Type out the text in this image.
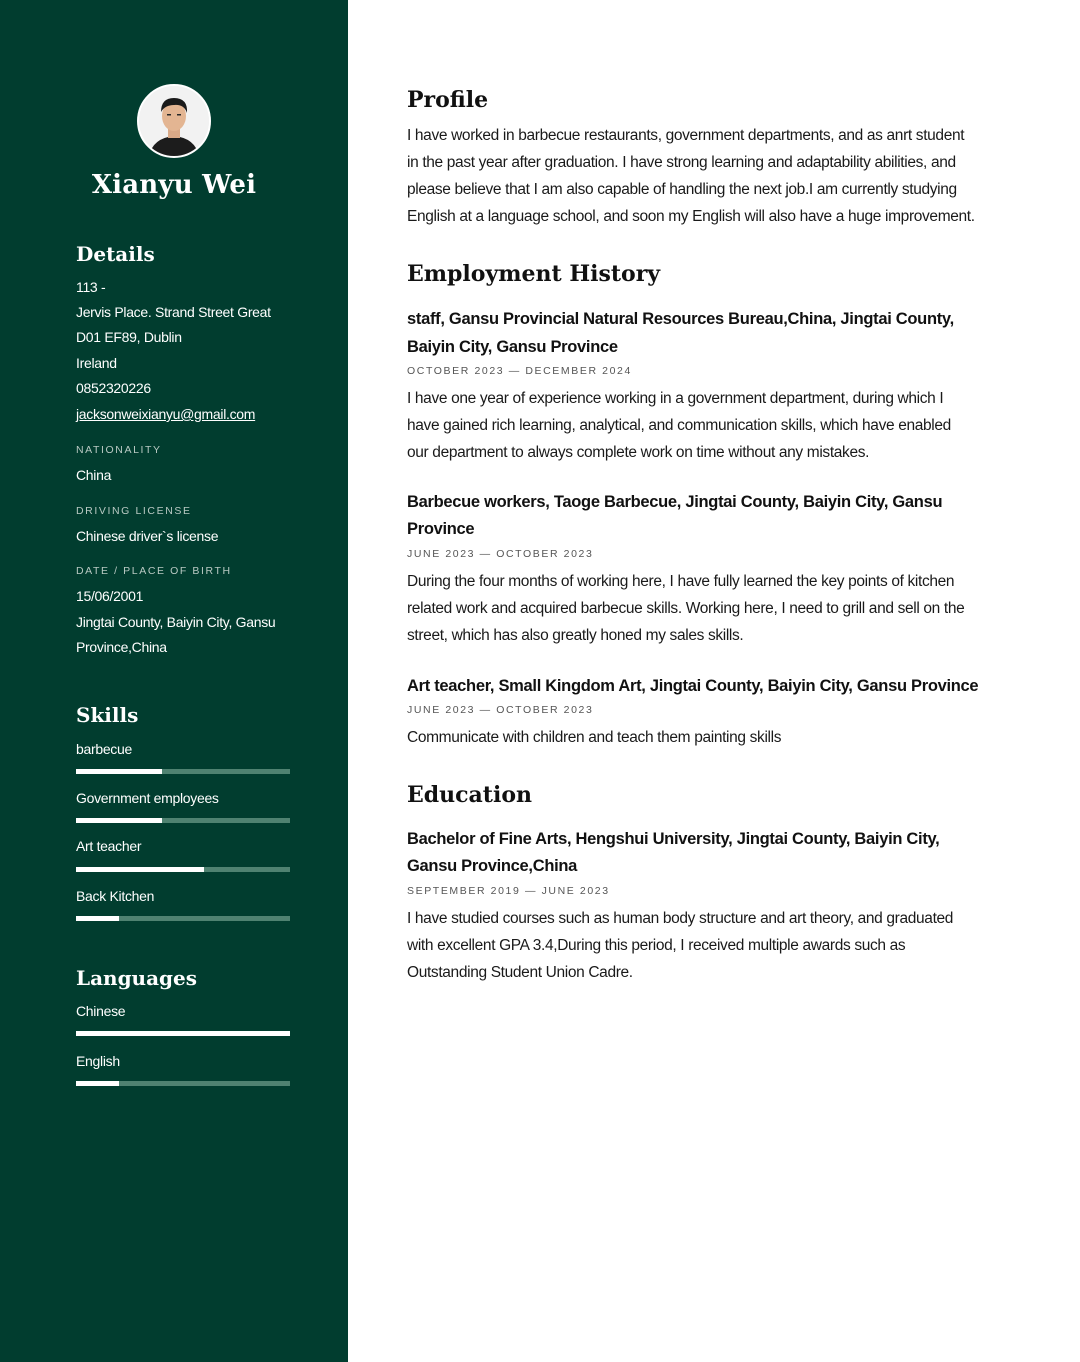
Xianyu Wei
Details
113 -
Jervis Place. Strand Street Great
D01 EF89, Dublin
Ireland
0852320226
jacksonweixianyu@gmail.com
NATIONALITY
China
DRIVING LICENSE
Chinese driver`s license
DATE / PLACE OF BIRTH
15/06/2001
Jingtai County, Baiyin City, Gansu
Province,China
Skills
barbecue
Government employees
Art teacher
Back Kitchen
Languages
Chinese
English
Profile
I have worked in barbecue restaurants, government departments, and as anrt student
in the past year after graduation. I have strong learning and adaptability abilities, and
please believe that I am also capable of handling the next job.I am currently studying
English at a language school, and soon my English will also have a huge improvement.
Employment History
staff, Gansu Provincial Natural Resources Bureau,China, Jingtai County,
Baiyin City, Gansu Province
OCTOBER 2023 — DECEMBER 2024
I have one year of experience working in a government department, during which I
have gained rich learning, analytical, and communication skills, which have enabled
our department to always complete work on time without any mistakes.
Barbecue workers, Taoge Barbecue, Jingtai County, Baiyin City, Gansu
Province
JUNE 2023 — OCTOBER 2023
During the four months of working here, I have fully learned the key points of kitchen
related work and acquired barbecue skills. Working here, I need to grill and sell on the
street, which has also greatly honed my sales skills.
Art teacher, Small Kingdom Art, Jingtai County, Baiyin City, Gansu Province
JUNE 2023 — OCTOBER 2023
Communicate with children and teach them painting skills
Education
Bachelor of Fine Arts, Hengshui University, Jingtai County, Baiyin City,
Gansu Province,China
SEPTEMBER 2019 — JUNE 2023
I have studied courses such as human body structure and art theory, and graduated
with excellent GPA 3.4,During this period, I received multiple awards such as
Outstanding Student Union Cadre.
